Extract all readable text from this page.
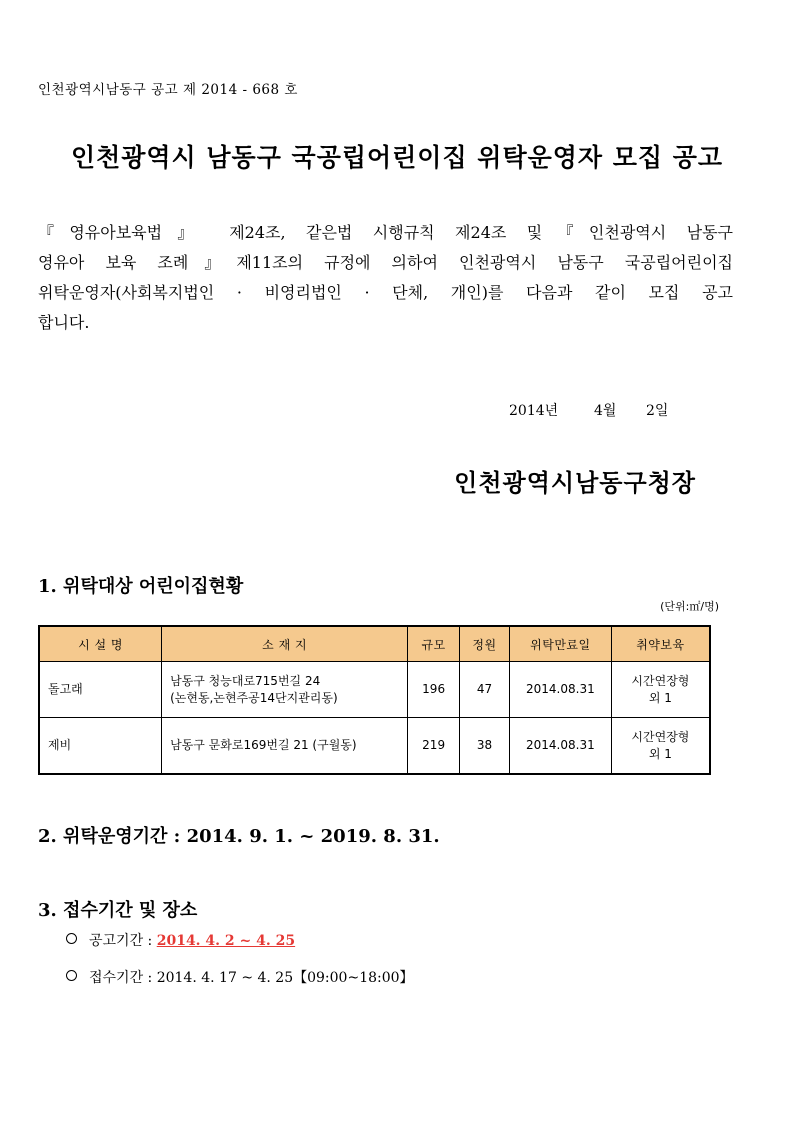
인천광역시남동구 공고 제 2014 - 668 호
인천광역시 남동구 국공립어린이집 위탁운영자 모집 공고
『영유아보육법』 제24조, 같은법 시행규칙 제24조 및『인천광역시 남동구
영유아 보육 조례』제11조의 규정에 의하여 인천광역시 남동구 국공립어린이집
위탁운영자(사회복지법인 · 비영리법인 · 단체, 개인)를 다음과 같이 모집 공고
합니다.
2014년	4월 2일
인천광역시남동구청장
1. 위탁대상 어린이집현황
(단위:㎡/명)
시 설 명	소 재 지	규모	정원	위탁만료일	취약보육
돌고래	남동구 청능대로715번길 24
(논현동,논현주공14단지관리동)	196	47	2014.08.31	시간연장형
외 1
제비	남동구 문화로169번길 21 (구월동)	219	38	2014.08.31	시간연장형
외 1
2. 위탁운영기간 : 2014. 9. 1. ~ 2019. 8. 31.
3. 접수기간 및 장소
공고기간 : 2014. 4. 2 ~ 4. 25
접수기간 : 2014. 4. 17 ~ 4. 25【09:00~18:00】
